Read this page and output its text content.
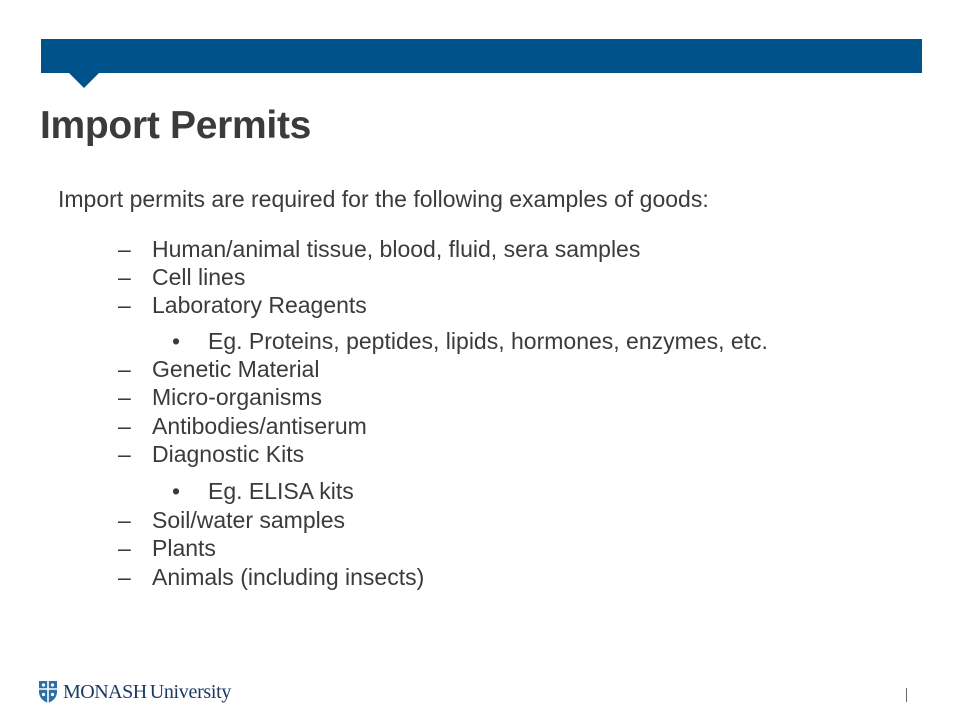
Import Permits
Import permits are required for the following examples of goods:
– Human/animal tissue, blood, fluid, sera samples
– Cell lines
– Laboratory Reagents
• Eg. Proteins, peptides, lipids, hormones, enzymes, etc.
– Genetic Material
– Micro-organisms
– Antibodies/antiserum
– Diagnostic Kits
• Eg. ELISA kits
– Soil/water samples
– Plants
– Animals (including insects)
MONASH University
